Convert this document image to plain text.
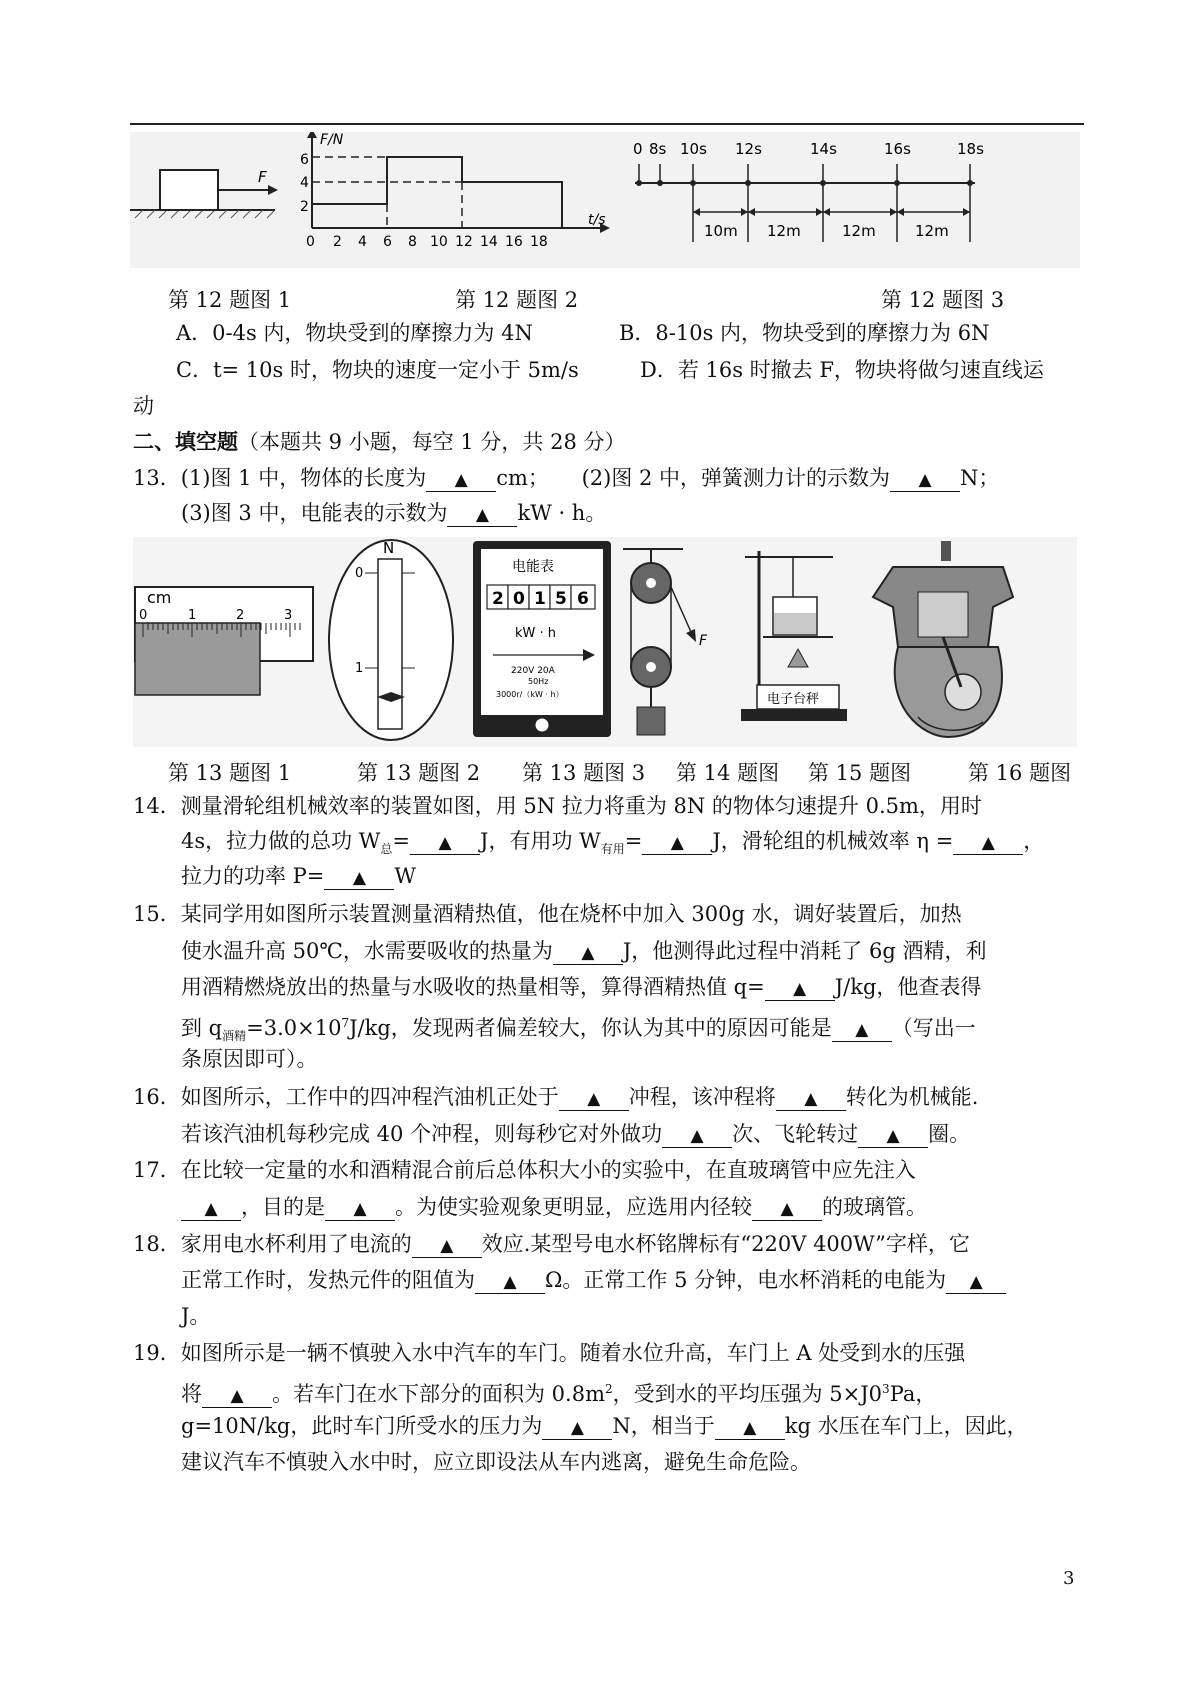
F
F/N
t/s
2
4
6
0 2 4 6 8 10 12 14 16 18
0 8s 10s 12s	14s	16s	18s
10m 12m	12m	12m
第 12 题图 1	第 12 题图 2	第 12 题图 3
A．0-4s 内，物块受到的摩擦力为 4N	B．8-10s 内，物块受到的摩擦力为 6N
C．t= 10s 时，物块的速度一定小于 5m/s	D．若 16s 时撤去 F，物块将做匀速直线运
动
二、填空题（本题共 9 小题，每空 1 分，共 28 分）
13．(1)图 1 中，物体的长度为 ▲ cm； (2)图 2 中，弹簧测力计的示数为 ▲ N；
(3)图 3 中，电能表的示数为 ▲ kW · h。
cm
0	1	2	3
N
0
1
电能表
2 0 1 5 6
kW · h
220V 20A
50Hz
3000r/（kW · h）
F
电子台秤
第 13 题图 1	第 13 题图 2 第 13 题图 3 第 14 题图 第 15 题图	第 16 题图
14．测量滑轮组机械效率的装置如图，用 5N 拉力将重为 8N 的物体匀速提升 0.5m，用时
4s，拉力做的总功 $W_总=$ ▲ J，有用功 $W_{有用}=$ ▲ J，滑轮组的机械效率 η = ▲ ，
拉力的功率 P= ▲ W
15．某同学用如图所示装置测量酒精热值，他在烧杯中加入 300g 水，调好装置后，加热
使水温升高 50℃，水需要吸收的热量为 ▲ J，他测得此过程中消耗了 6g 酒精，利
用酒精燃烧放出的热量与水吸收的热量相等，算得酒精热值 q= ▲ J/kg，他查表得
到 $q_{酒精}=3.0\times 10^7J/kg$，发现两者偏差较大，你认为其中的原因可能是 ▲ （写出一
条原因即可）。
16．如图所示，工作中的四冲程汽油机正处于 ▲ 冲程，该冲程将 ▲ 转化为机械能.
若该汽油机每秒完成 40 个冲程，则每秒它对外做功 ▲ 次、飞轮转过 ▲ 圈。
17．在比较一定量的水和酒精混合前后总体积大小的实验中，在直玻璃管中应先注入
▲ ，目的是 ▲ 。为使实验观象更明显，应选用内径较 ▲ 的玻璃管。
18．家用电水杯利用了电流的 ▲ 效应.某型号电水杯铭牌标有“220V 400W”字样，它
正常工作时，发热元件的阻值为 ▲ Ω。正常工作 5 分钟，电水杯消耗的电能为 ▲
J。
19．如图所示是一辆不慎驶入水中汽车的车门。随着水位升高，车门上 A 处受到水的压强
将 ▲ 。若车门在水下部分的面积为 $0.8m^2$，受到水的平均压强为 $5\times J0^3Pa$，
g=10N/kg，此时车门所受水的压力为 ▲ N，相当于 ▲ kg 水压在车门上，因此，
建议汽车不慎驶入水中时，应立即设法从车内逃离，避免生命危险。
3
